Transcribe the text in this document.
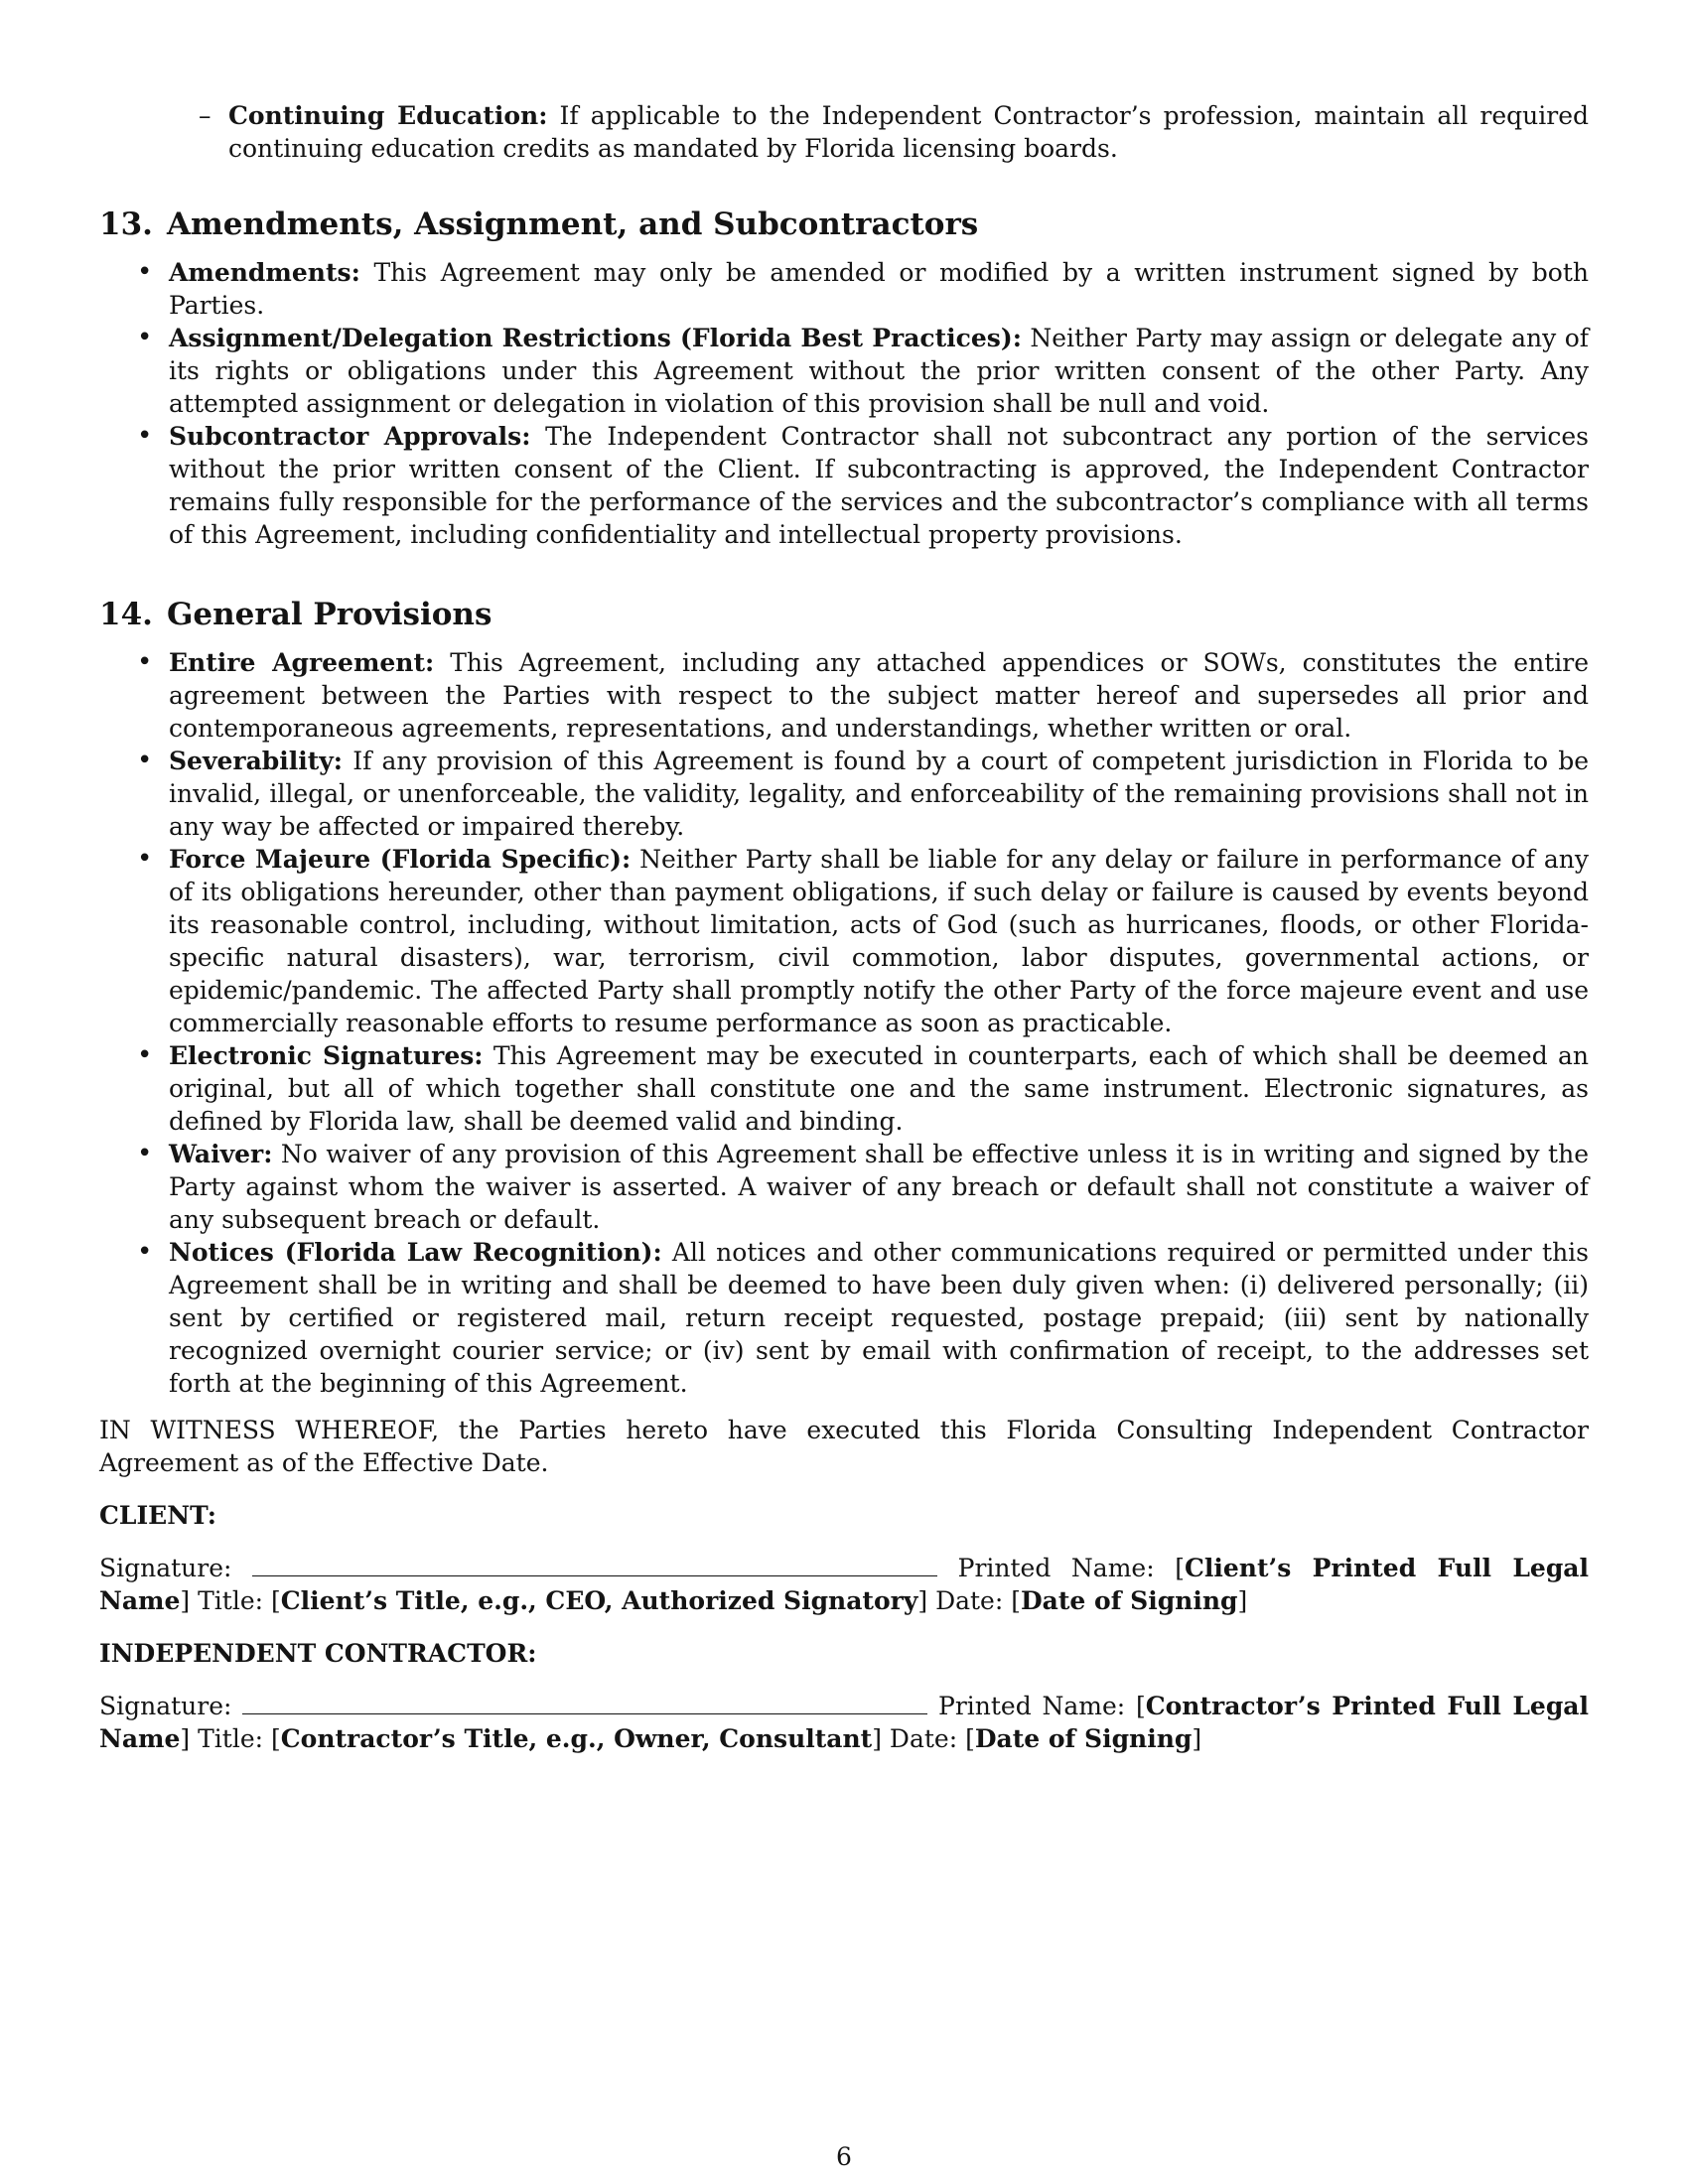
– Continuing Education: If applicable to the Independent Contractor’s profession, maintain all required continuing education credits as mandated by Florida licensing boards.
13. Amendments, Assignment, and Subcontractors
• Amendments: This Agreement may only be amended or modified by a written instrument signed by both Parties.
• Assignment/Delegation Restrictions (Florida Best Practices): Neither Party may assign or delegate any of its rights or obligations under this Agreement without the prior written consent of the other Party. Any attempted assignment or delegation in violation of this provision shall be null and void.
• Subcontractor Approvals: The Independent Contractor shall not subcontract any portion of the services without the prior written consent of the Client. If subcontracting is approved, the Independent Contractor remains fully responsible for the performance of the services and the subcontractor’s compliance with all terms of this Agreement, including confidentiality and intellectual property provisions.
14. General Provisions
• Entire Agreement: This Agreement, including any attached appendices or SOWs, constitutes the entire agreement between the Parties with respect to the subject matter hereof and supersedes all prior and contemporaneous agreements, representations, and understandings, whether written or oral.
• Severability: If any provision of this Agreement is found by a court of competent jurisdiction in Florida to be invalid, illegal, or unenforceable, the validity, legality, and enforceability of the remaining provisions shall not in any way be affected or impaired thereby.
• Force Majeure (Florida Specific): Neither Party shall be liable for any delay or failure in performance of any of its obligations hereunder, other than payment obligations, if such delay or failure is caused by events beyond its reasonable control, including, without limitation, acts of God (such as hurricanes, floods, or other Florida-specific natural disasters), war, terrorism, civil commotion, labor disputes, governmental actions, or epidemic/pandemic. The affected Party shall promptly notify the other Party of the force majeure event and use commercially reasonable efforts to resume performance as soon as practicable.
• Electronic Signatures: This Agreement may be executed in counterparts, each of which shall be deemed an original, but all of which together shall constitute one and the same instrument. Electronic signatures, as defined by Florida law, shall be deemed valid and binding.
• Waiver: No waiver of any provision of this Agreement shall be effective unless it is in writing and signed by the Party against whom the waiver is asserted. A waiver of any breach or default shall not constitute a waiver of any subsequent breach or default.
• Notices (Florida Law Recognition): All notices and other communications required or permitted under this Agreement shall be in writing and shall be deemed to have been duly given when: (i) delivered personally; (ii) sent by certified or registered mail, return receipt requested, postage prepaid; (iii) sent by nationally recognized overnight courier service; or (iv) sent by email with confirmation of receipt, to the addresses set forth at the beginning of this Agreement.

IN WITNESS WHEREOF, the Parties hereto have executed this Florida Consulting Independent Contractor Agreement as of the Effective Date.

CLIENT:

Signature:	Printed Name: [Client’s Printed Full Legal Name] Title: [Client’s Title, e.g., CEO, Authorized Signatory] Date: [Date of Signing]

INDEPENDENT CONTRACTOR:

Signature:	Printed Name: [Contractor’s Printed Full Legal Name] Title: [Contractor’s Title, e.g., Owner, Consultant] Date: [Date of Signing]

6
